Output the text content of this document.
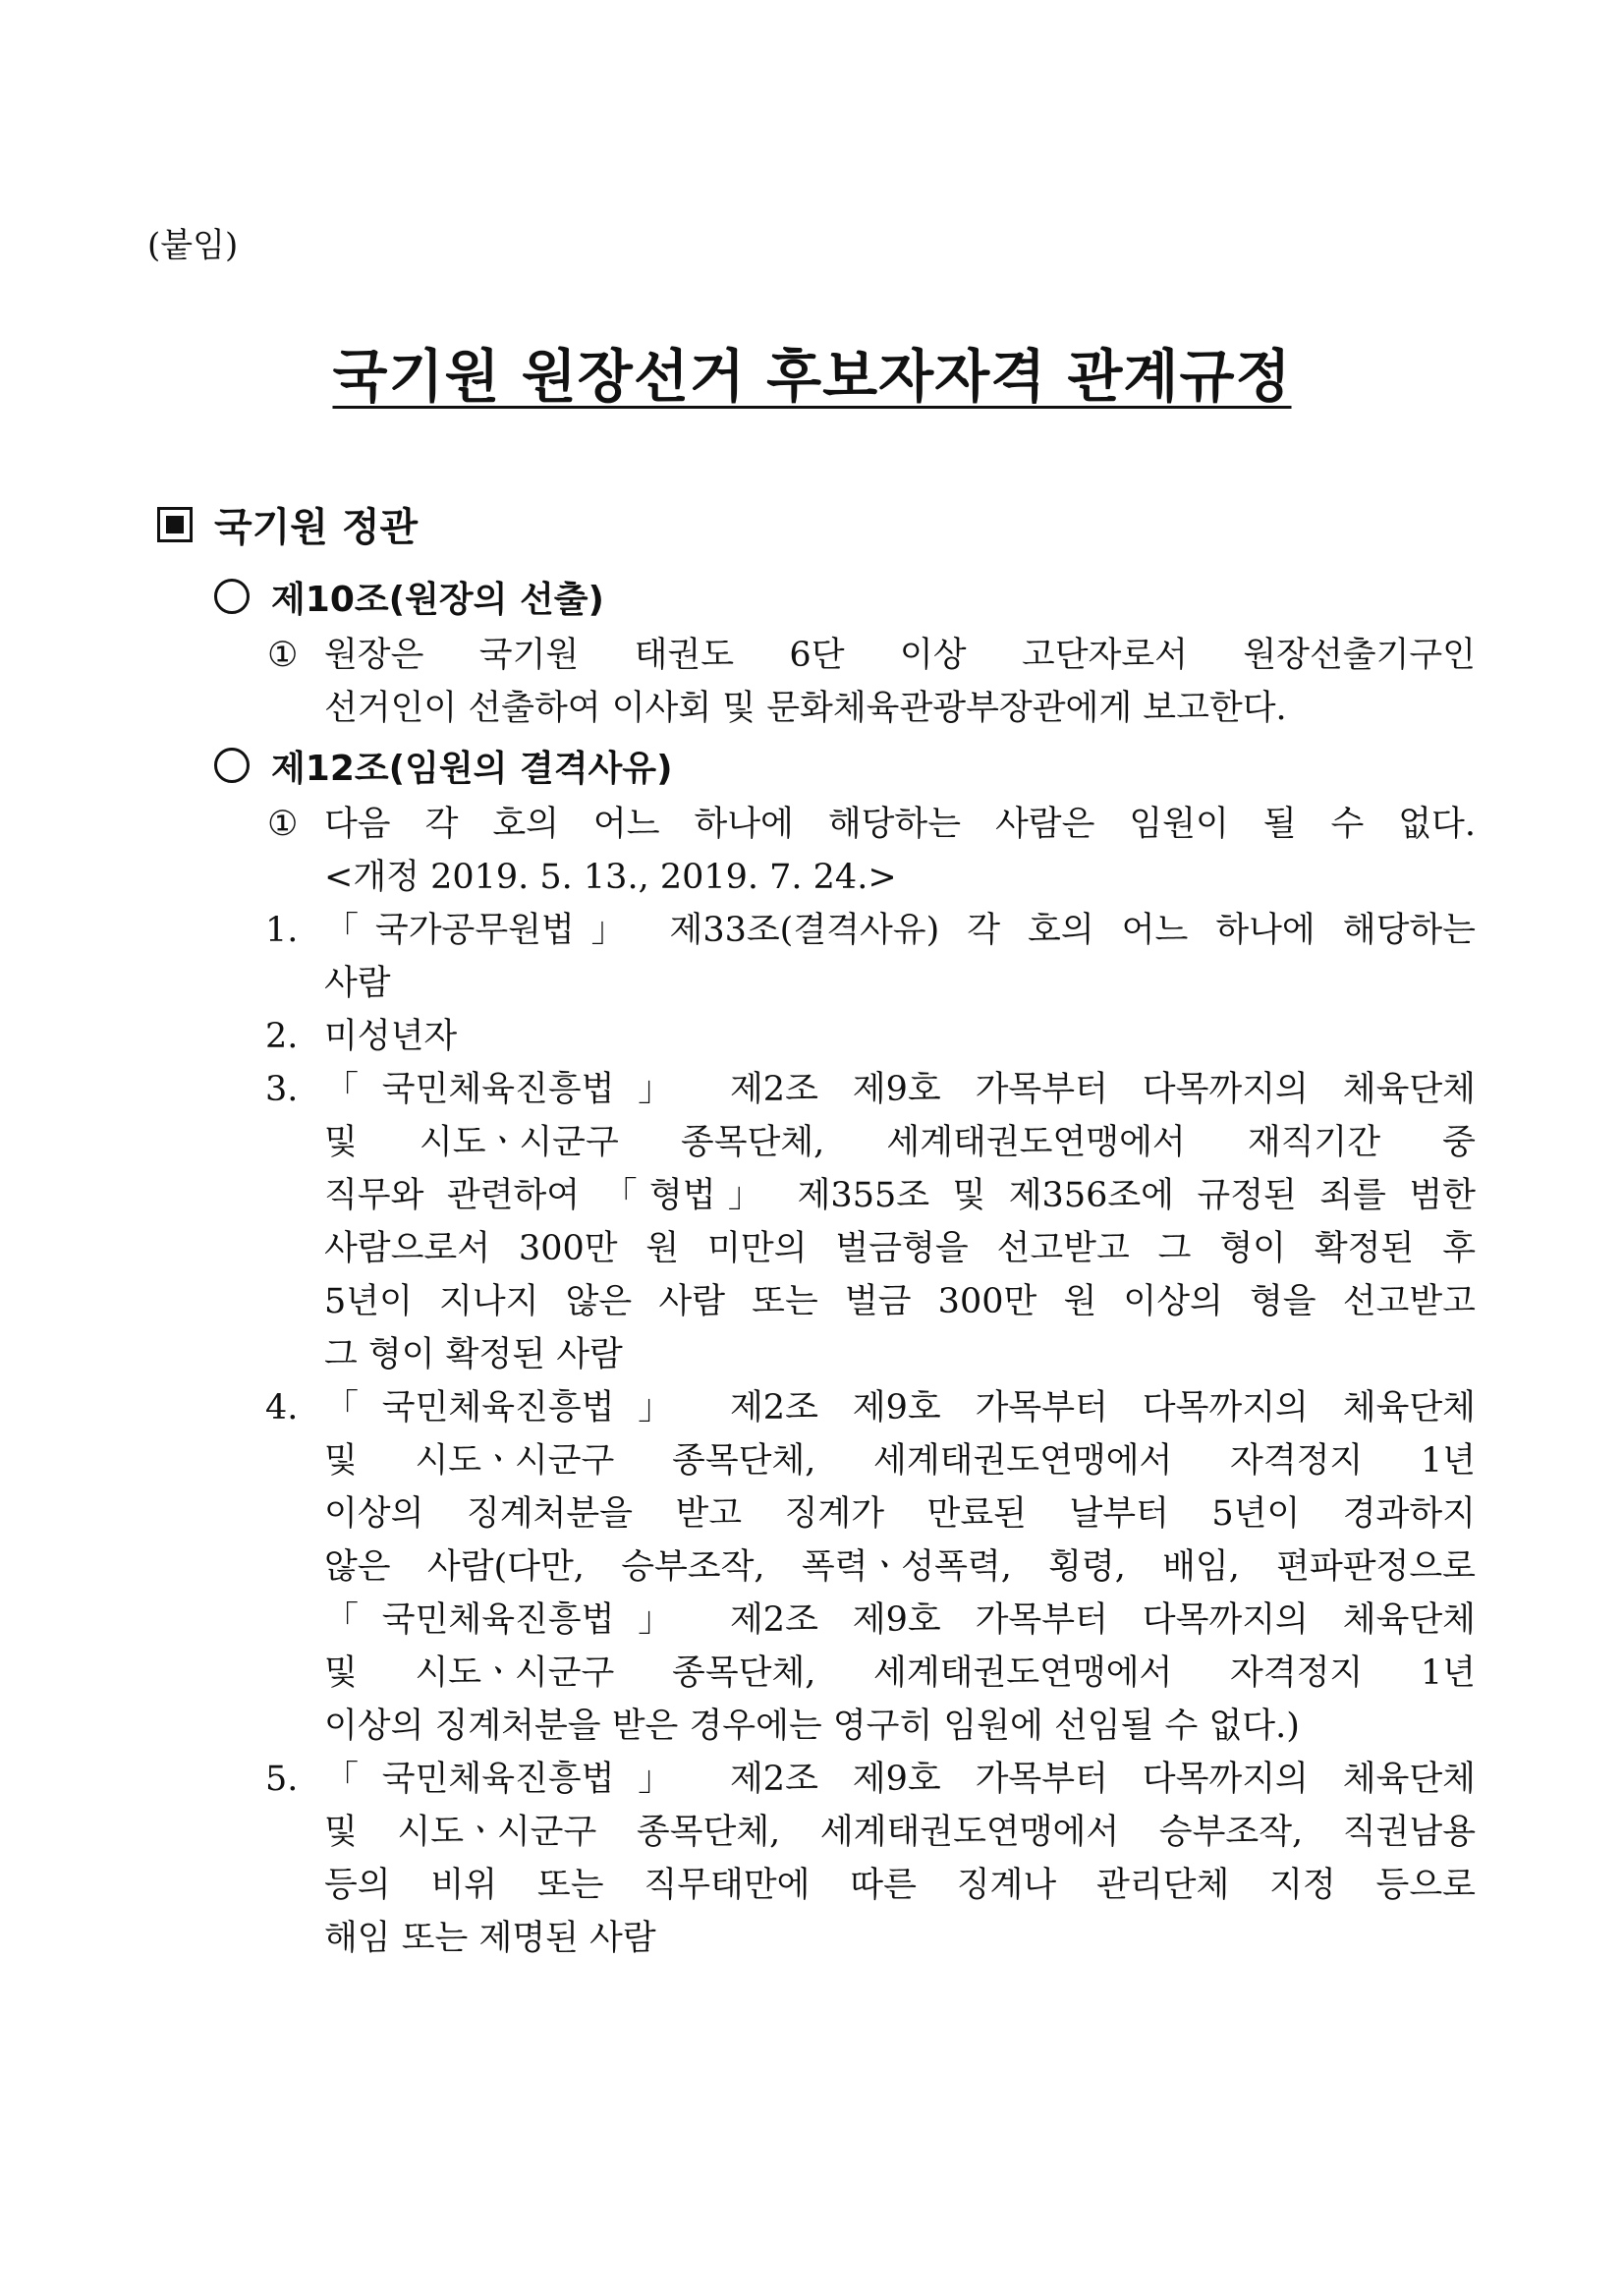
(붙임)
국기원 원장선거 후보자자격 관계규정
국기원 정관
제10조(원장의 선출)
① 원장은 국기원 태권도 6단 이상 고단자로서 원장선출기구인
선거인이 선출하여 이사회 및 문화체육관광부장관에게 보고한다.
제12조(임원의 결격사유)
① 다음 각 호의 어느 하나에 해당하는 사람은 임원이 될 수 없다.
<개정 2019. 5. 13., 2019. 7. 24.>
1. 「국가공무원법」 제33조(결격사유) 각 호의 어느 하나에 해당하는
사람
2. 미성년자
3. 「국민체육진흥법」 제2조 제9호 가목부터 다목까지의 체육단체
및 시도ㆍ시군구 종목단체, 세계태권도연맹에서 재직기간 중
직무와 관련하여 「형법」 제355조 및 제356조에 규정된 죄를 범한
사람으로서 300만 원 미만의 벌금형을 선고받고 그 형이 확정된 후
5년이 지나지 않은 사람 또는 벌금 300만 원 이상의 형을 선고받고
그 형이 확정된 사람
4. 「국민체육진흥법」 제2조 제9호 가목부터 다목까지의 체육단체
및 시도ㆍ시군구 종목단체, 세계태권도연맹에서 자격정지 1년
이상의 징계처분을 받고 징계가 만료된 날부터 5년이 경과하지
않은 사람(다만, 승부조작, 폭력ㆍ성폭력, 횡령, 배임, 편파판정으로
「국민체육진흥법」 제2조 제9호 가목부터 다목까지의 체육단체
및 시도ㆍ시군구 종목단체, 세계태권도연맹에서 자격정지 1년
이상의 징계처분을 받은 경우에는 영구히 임원에 선임될 수 없다.)
5. 「국민체육진흥법」 제2조 제9호 가목부터 다목까지의 체육단체
및 시도ㆍ시군구 종목단체, 세계태권도연맹에서 승부조작, 직권남용
등의 비위 또는 직무태만에 따른 징계나 관리단체 지정 등으로
해임 또는 제명된 사람
